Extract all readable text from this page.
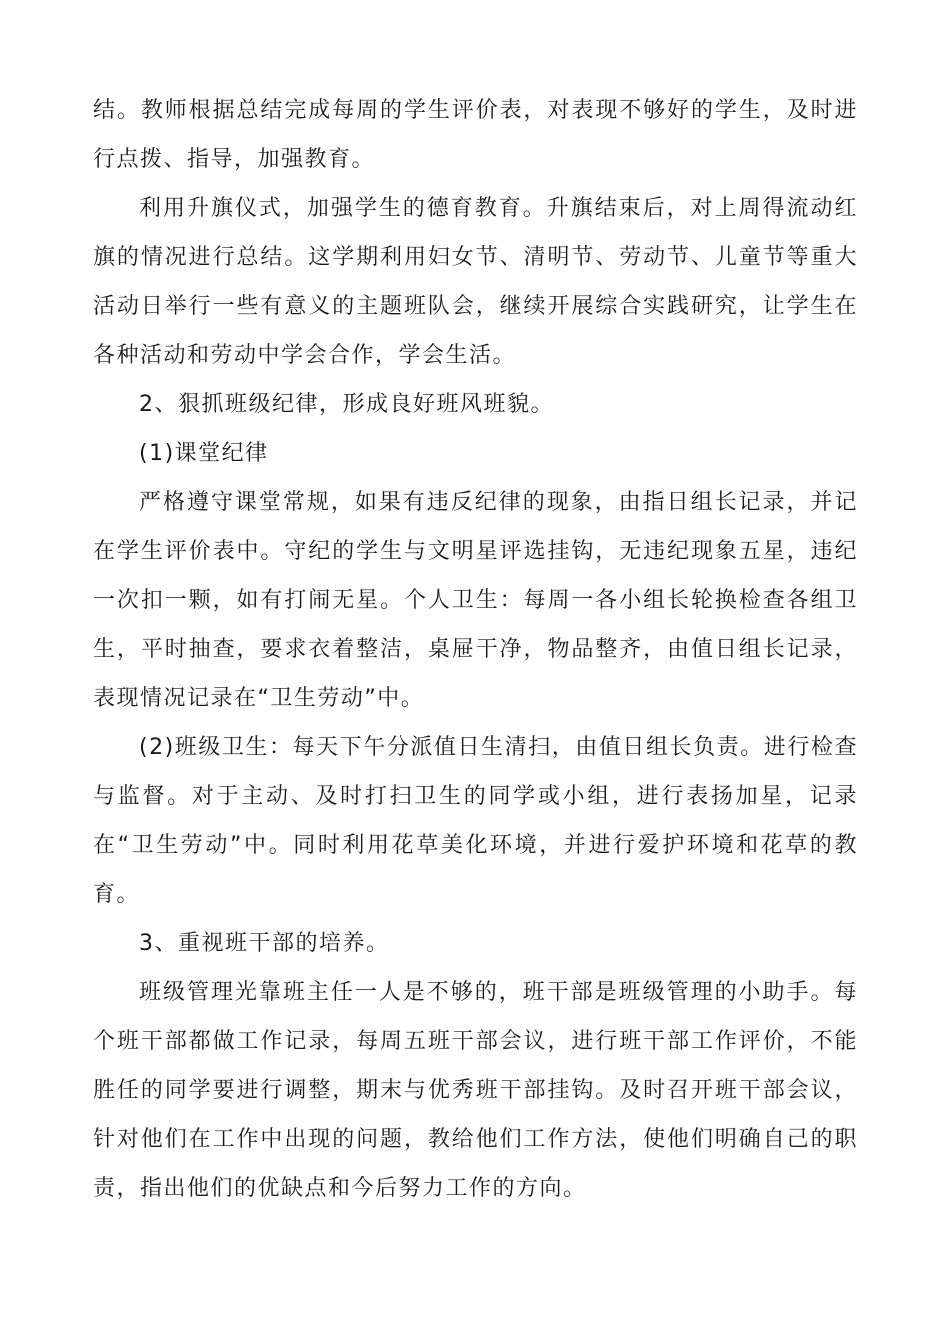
结。教师根据总结完成每周的学生评价表，对表现不够好的学生，及时进行点拨、指导，加强教育。

利用升旗仪式，加强学生的德育教育。升旗结束后，对上周得流动红旗的情况进行总结。这学期利用妇女节、清明节、劳动节、儿童节等重大活动日举行一些有意义的主题班队会，继续开展综合实践研究，让学生在各种活动和劳动中学会合作，学会生活。

2、狠抓班级纪律，形成良好班风班貌。

(1)课堂纪律

严格遵守课堂常规，如果有违反纪律的现象，由指日组长记录，并记在学生评价表中。守纪的学生与文明星评选挂钩，无违纪现象五星，违纪一次扣一颗，如有打闹无星。个人卫生：每周一各小组长轮换检查各组卫生，平时抽查，要求衣着整洁，桌屉干净，物品整齐，由值日组长记录，表现情况记录在“卫生劳动”中。

(2)班级卫生：每天下午分派值日生清扫，由值日组长负责。进行检查与监督。对于主动、及时打扫卫生的同学或小组，进行表扬加星，记录在“卫生劳动”中。同时利用花草美化环境，并进行爱护环境和花草的教育。

3、重视班干部的培养。

班级管理光靠班主任一人是不够的，班干部是班级管理的小助手。每个班干部都做工作记录，每周五班干部会议，进行班干部工作评价，不能胜任的同学要进行调整，期末与优秀班干部挂钩。及时召开班干部会议，针对他们在工作中出现的问题，教给他们工作方法，使他们明确自己的职责，指出他们的优缺点和今后努力工作的方向。
